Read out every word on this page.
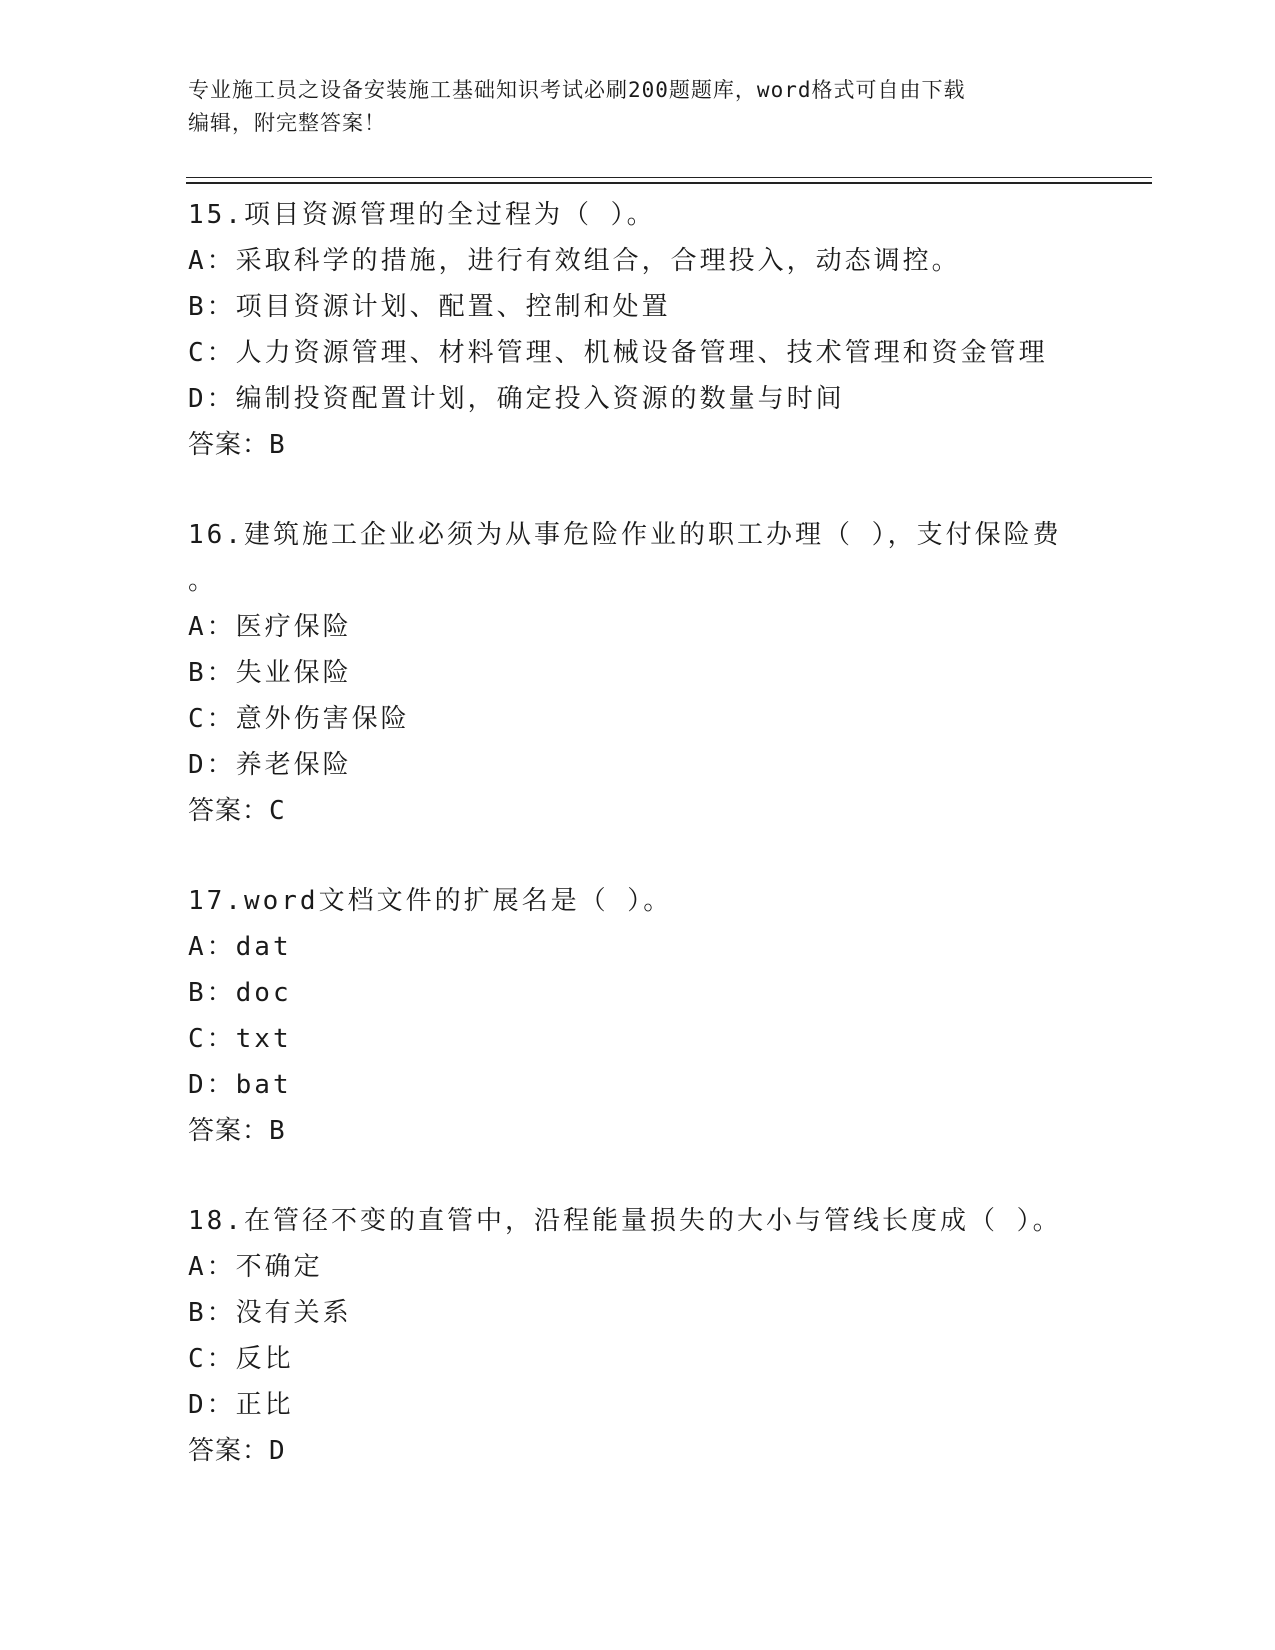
专业施工员之设备安装施工基础知识考试必刷200题题库，word格式可自由下载
编辑，附完整答案！
15.项目资源管理的全过程为（ ）。
A：采取科学的措施，进行有效组合，合理投入，动态调控。
B：项目资源计划、配置、控制和处置
C：人力资源管理、材料管理、机械设备管理、技术管理和资金管理
D：编制投资配置计划，确定投入资源的数量与时间
答案：B
16.建筑施工企业必须为从事危险作业的职工办理（ ），支付保险费
。
A：医疗保险
B：失业保险
C：意外伤害保险
D：养老保险
答案：C
17.word文档文件的扩展名是（ ）。
A：dat
B：doc
C：txt
D：bat
答案：B
18.在管径不变的直管中，沿程能量损失的大小与管线长度成（ ）。
A：不确定
B：没有关系
C：反比
D：正比
答案：D
